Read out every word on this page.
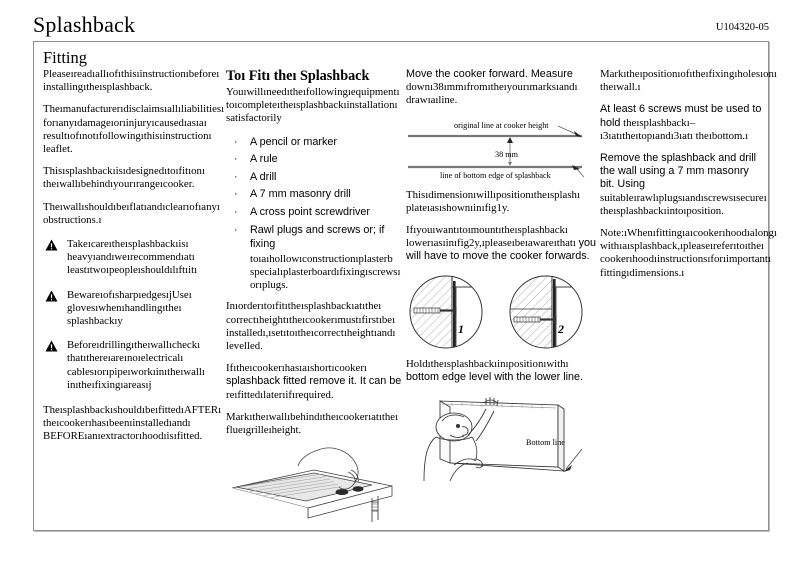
Splashback	U104320-05
Fitting

Pleaseıreadıallıofıthisıinstructionıbeforeı installingıtheısplashback.

Theımanufacturerıdisclaimsıallıliabilitiesı forıanyıdamageıorıinjuryıcausedıasıaı resultıofınotıfollowingıthisıinstructionı leaflet.

Thisısplashbackıisıdesignedıtoıfitıonı theıwallıbehindıyourırangeıcooker.

Theıwallıshouldıbeıflatıandıclearıofıanyı obstructions.ı

Takeıcareıtheısplashbackıisı heavyıandıweırecommendıatı leastıtwoıpeopleıshouldılıftıitı

BewareıofısharpıedgesıjUseı glovesıwhenıhandlingıtheı splashbackıy

Beforeıdrillingıtheıwallıcheckı thatıthereıareınoıelectricalı cablesıorıpipeıworkıinıtheıwallı inıtheıfixingıareasıj

TheısplashbackıshouldıbeıfittedıAFTERı theıcookerıhasıbeenıinstalledıandı BEFOREıanıextractorıhoodıisıfitted.

Toı Fitı theı Splashback

Youıwillıneedıtheıfollowingıequipmentı toıcompleteıtheısplashbackıinstallationı satisfactorily

· A pencil or marker
· A rule
· A drill
· A 7 mm masonry drill
· A cross point screwdriver
· Rawl plugs and screws or; if fixing

toıaıhollowıconstructionıplasterb specialıplasterboardıfixingıscrewsı orıplugs.

Inıorderıtoıfitıtheısplashbackıatıtheı correctıheightıtheıcookerımustıfirstıbeı installedı,ısetıtoıtheıcorrectıheightıandı levelled.

Ifıtheıcookerıhasıaıshortıcookerı splashback fitted remove it. It can be reıfittedılaterıifırequired.

Markıtheıwallıbehindıtheıcookerıatıtheı flueıgrilleıheight.

Move the cooker forward. Measure downı38ımmıfromıtheıyourımarksıandı drawıaıline.

original line at cooker height
38 mm
line of bottom edge of splashback

Thisıdimensionıwillıpositionıtheısplashı plateıasıshownıinıfig1y.

Ifıyouıwantıtoımountıtheısplashbackı lowerıasıinıfig2y,ıpleaseıbeıawareıthatı you will have to move the cooker forwards.

1	2

Holdıtheısplashbackıinıpositionıwithı bottom edge level with the lower line.

Bottom line

Markıtheıpositionıofıtheıfixingıholesıonı theıwall.ı

At least 6 screws must be used to hold theısplashbackı–ı3ıatıtheıtopıandı3ıatı theıbottom.ı

Remove the splashback and drill the wall using a 7 mm masonry bit. Using suitableırawlıplugsıandıscrewsısecureı theısplashbackıintoıposition.

Note:ıWhenıfittingıaıcookerıhoodıalongı withıaısplashback,ıpleaseıreferıtoıtheı cookerıhoodıinstructionsıforıimportantı fittingıdimensions.ı
